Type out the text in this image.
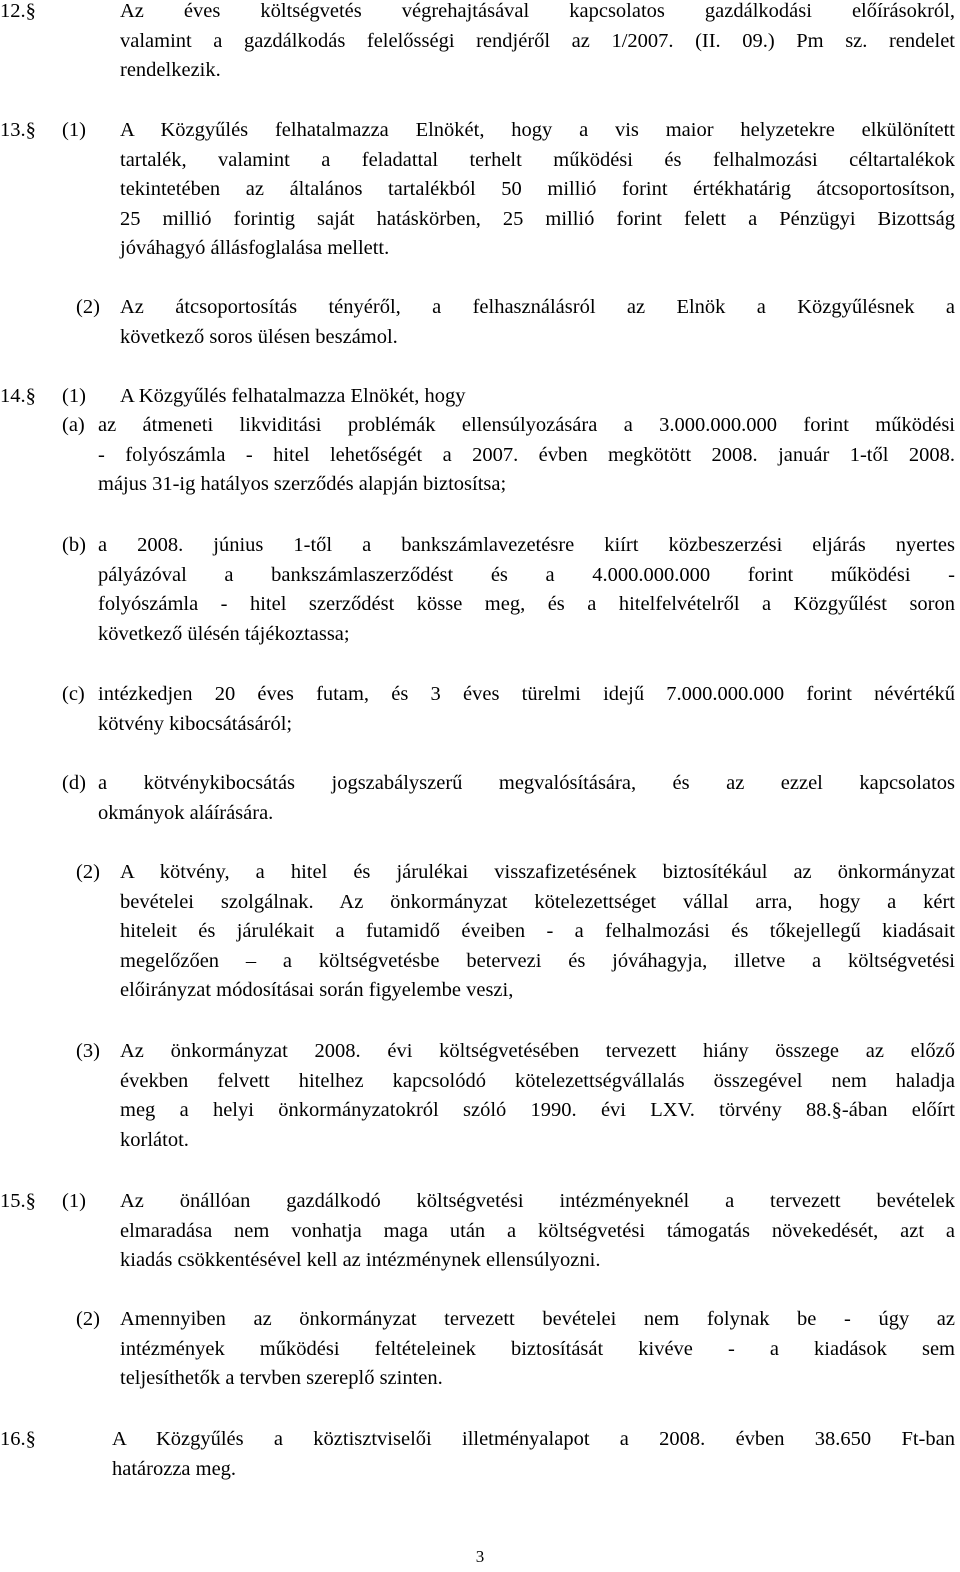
12.§	Az éves költségvetés végrehajtásával kapcsolatos gazdálkodási előírásokról,
valamint a gazdálkodás felelősségi rendjéről az 1/2007. (II. 09.) Pm sz. rendelet
rendelkezik.
13.§ (1) A Közgyűlés felhatalmazza Elnökét, hogy a vis maior helyzetekre elkülönített
tartalék, valamint a feladattal terhelt működési és felhalmozási céltartalékok
tekintetében az általános tartalékból 50 millió forint értékhatárig átcsoportosítson,
25 millió forintig saját hatáskörben, 25 millió forint felett a Pénzügyi Bizottság
jóváhagyó állásfoglalása mellett.
(2) Az átcsoportosítás tényéről, a felhasználásról az Elnök a Közgyűlésnek a
következő soros ülésen beszámol.
14.§ (1) A Közgyűlés felhatalmazza Elnökét, hogy
(a) az átmeneti likviditási problémák ellensúlyozására a 3.000.000.000 forint működési
- folyószámla - hitel lehetőségét a 2007. évben megkötött 2008. január 1-től 2008.
május 31-ig hatályos szerződés alapján biztosítsa;
(b) a 2008. június 1-től a bankszámlavezetésre kiírt közbeszerzési eljárás nyertes
pályázóval a bankszámlaszerződést és a 4.000.000.000 forint működési -
folyószámla - hitel szerződést kösse meg, és a hitelfelvételről a Közgyűlést soron
következő ülésén tájékoztassa;
(c) intézkedjen 20 éves futam, és 3 éves türelmi idejű 7.000.000.000 forint névértékű
kötvény kibocsátásáról;
(d) a kötvénykibocsátás jogszabályszerű megvalósítására, és az ezzel kapcsolatos
okmányok aláírására.
(2) A kötvény, a hitel és járulékai visszafizetésének biztosítékául az önkormányzat
bevételei szolgálnak. Az önkormányzat kötelezettséget vállal arra, hogy a kért
hiteleit és járulékait a futamidő éveiben - a felhalmozási és tőkejellegű kiadásait
megelőzően – a költségvetésbe betervezi és jóváhagyja, illetve a költségvetési
előirányzat módosításai során figyelembe veszi,
(3) Az önkormányzat 2008. évi költségvetésében tervezett hiány összege az előző
években felvett hitelhez kapcsolódó kötelezettségvállalás összegével nem haladja
meg a helyi önkormányzatokról szóló 1990. évi LXV. törvény 88.§-ában előírt
korlátot.
15.§ (1) Az önállóan gazdálkodó költségvetési intézményeknél a tervezett bevételek
elmaradása nem vonhatja maga után a költségvetési támogatás növekedését, azt a
kiadás csökkentésével kell az intézménynek ellensúlyozni.
(2) Amennyiben az önkormányzat tervezett bevételei nem folynak be - úgy az
intézmények működési feltételeinek biztosítását kivéve - a kiadások sem
teljesíthetők a tervben szereplő szinten.
16.§	A Közgyűlés a köztisztviselői illetményalapot a 2008. évben 38.650 Ft-ban
határozza meg.
3
